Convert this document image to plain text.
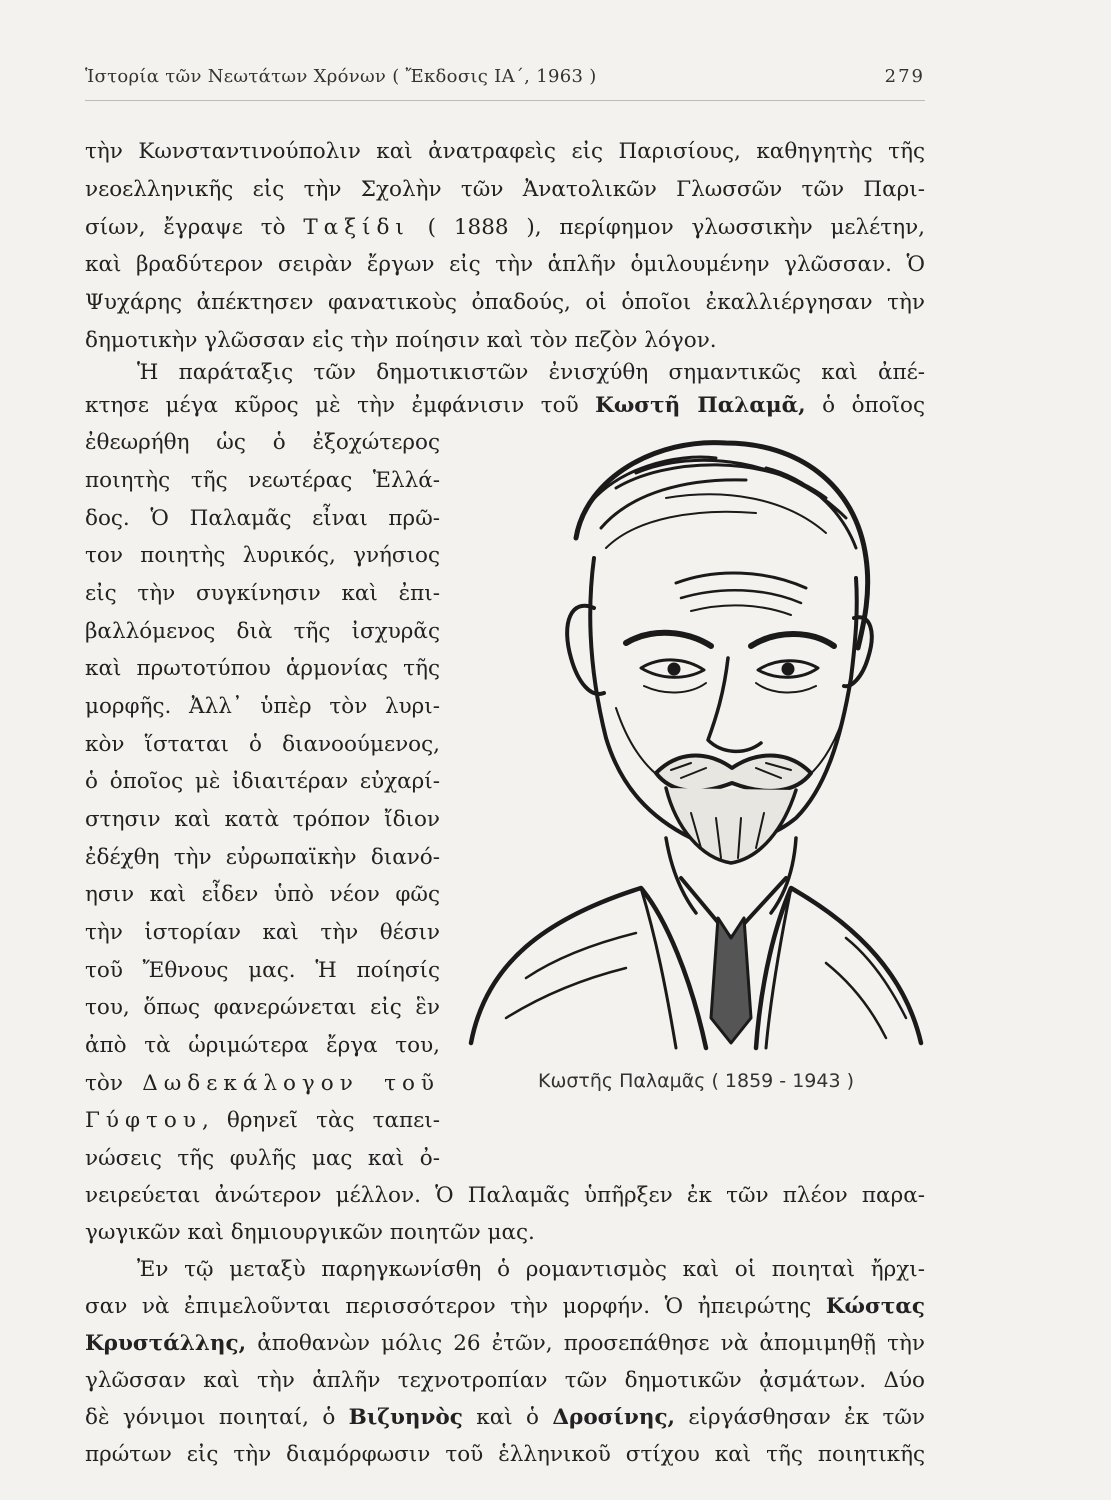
Ἱστορία τῶν Νεωτάτων Χρόνων ( Ἔκδοσις ΙΑ΄, 1963 )	279
τὴν Κωνσταντινούπολιν καὶ ἀνατραφεὶς εἰς Παρισίους, καθηγητὴς τῆς
νεοελληνικῆς εἰς τὴν Σχολὴν τῶν Ἀνατολικῶν Γλωσσῶν τῶν Παρι-
σίων, ἔγραψε τὸ Ταξίδι ( 1888 ), περίφημον γλωσσικὴν μελέτην,
καὶ βραδύτερον σειρὰν ἔργων εἰς τὴν ἁπλῆν ὁμιλουμένην γλῶσσαν. Ὁ
Ψυχάρης ἀπέκτησεν φανατικοὺς ὀπαδούς, οἱ ὁποῖοι ἐκαλλιέργησαν τὴν
δημοτικὴν γλῶσσαν εἰς τὴν ποίησιν καὶ τὸν πεζὸν λόγον.
Ἡ παράταξις τῶν δημοτικιστῶν ἐνισχύθη σημαντικῶς καὶ ἀπέ-
κτησε μέγα κῦρος μὲ τὴν ἐμφάνισιν τοῦ Κωστῆ Παλαμᾶ, ὁ ὁποῖος
ἐθεωρήθη ὡς ὁ ἐξοχώτερος
ποιητὴς τῆς νεωτέρας Ἑλλά-
δος. Ὁ Παλαμᾶς εἶναι πρῶ-
τον ποιητὴς λυρικός, γνήσιος
εἰς τὴν συγκίνησιν καὶ ἐπι-
βαλλόμενος διὰ τῆς ἰσχυρᾶς
καὶ πρωτοτύπου ἁρμονίας τῆς
μορφῆς. Ἀλλ᾽ ὑπὲρ τὸν λυρι-
κὸν ἵσταται ὁ διανοούμενος,
ὁ ὁποῖος μὲ ἰδιαιτέραν εὐχαρί-
στησιν καὶ κατὰ τρόπον ἴδιον
ἐδέχθη τὴν εὐρωπαϊκὴν διανό-
ησιν καὶ εἶδεν ὑπὸ νέον φῶς
τὴν ἱστορίαν καὶ τὴν θέσιν
τοῦ Ἔθνους μας. Ἡ ποίησίς
του, ὅπως φανερώνεται εἰς ἓν
ἀπὸ τὰ ὡριμώτερα ἔργα του,
τὸν Δωδεκάλογον τοῦ
Γύφτου, θρηνεῖ τὰς ταπει-
νώσεις τῆς φυλῆς μας καὶ ὀ-
Κωστῆς Παλαμᾶς ( 1859 - 1943 )
νειρεύεται ἀνώτερον μέλλον. Ὁ Παλαμᾶς ὑπῆρξεν ἐκ τῶν πλέον παρα-
γωγικῶν καὶ δημιουργικῶν ποιητῶν μας.
Ἐν τῷ μεταξὺ παρηγκωνίσθη ὁ ρομαντισμὸς καὶ οἱ ποιηταὶ ἤρχι-
σαν νὰ ἐπιμελοῦνται περισσότερον τὴν μορφήν. Ὁ ἠπειρώτης Κώστας
Κρυστάλλης, ἀποθανὼν μόλις 26 ἐτῶν, προσεπάθησε νὰ ἀπομιμηθῇ τὴν
γλῶσσαν καὶ τὴν ἁπλῆν τεχνοτροπίαν τῶν δημοτικῶν ᾀσμάτων. Δύο
δὲ γόνιμοι ποιηταί, ὁ Βιζυηνὸς καὶ ὁ Δροσίνης, εἰργάσθησαν ἐκ τῶν
πρώτων εἰς τὴν διαμόρφωσιν τοῦ ἑλληνικοῦ στίχου καὶ τῆς ποιητικῆς
